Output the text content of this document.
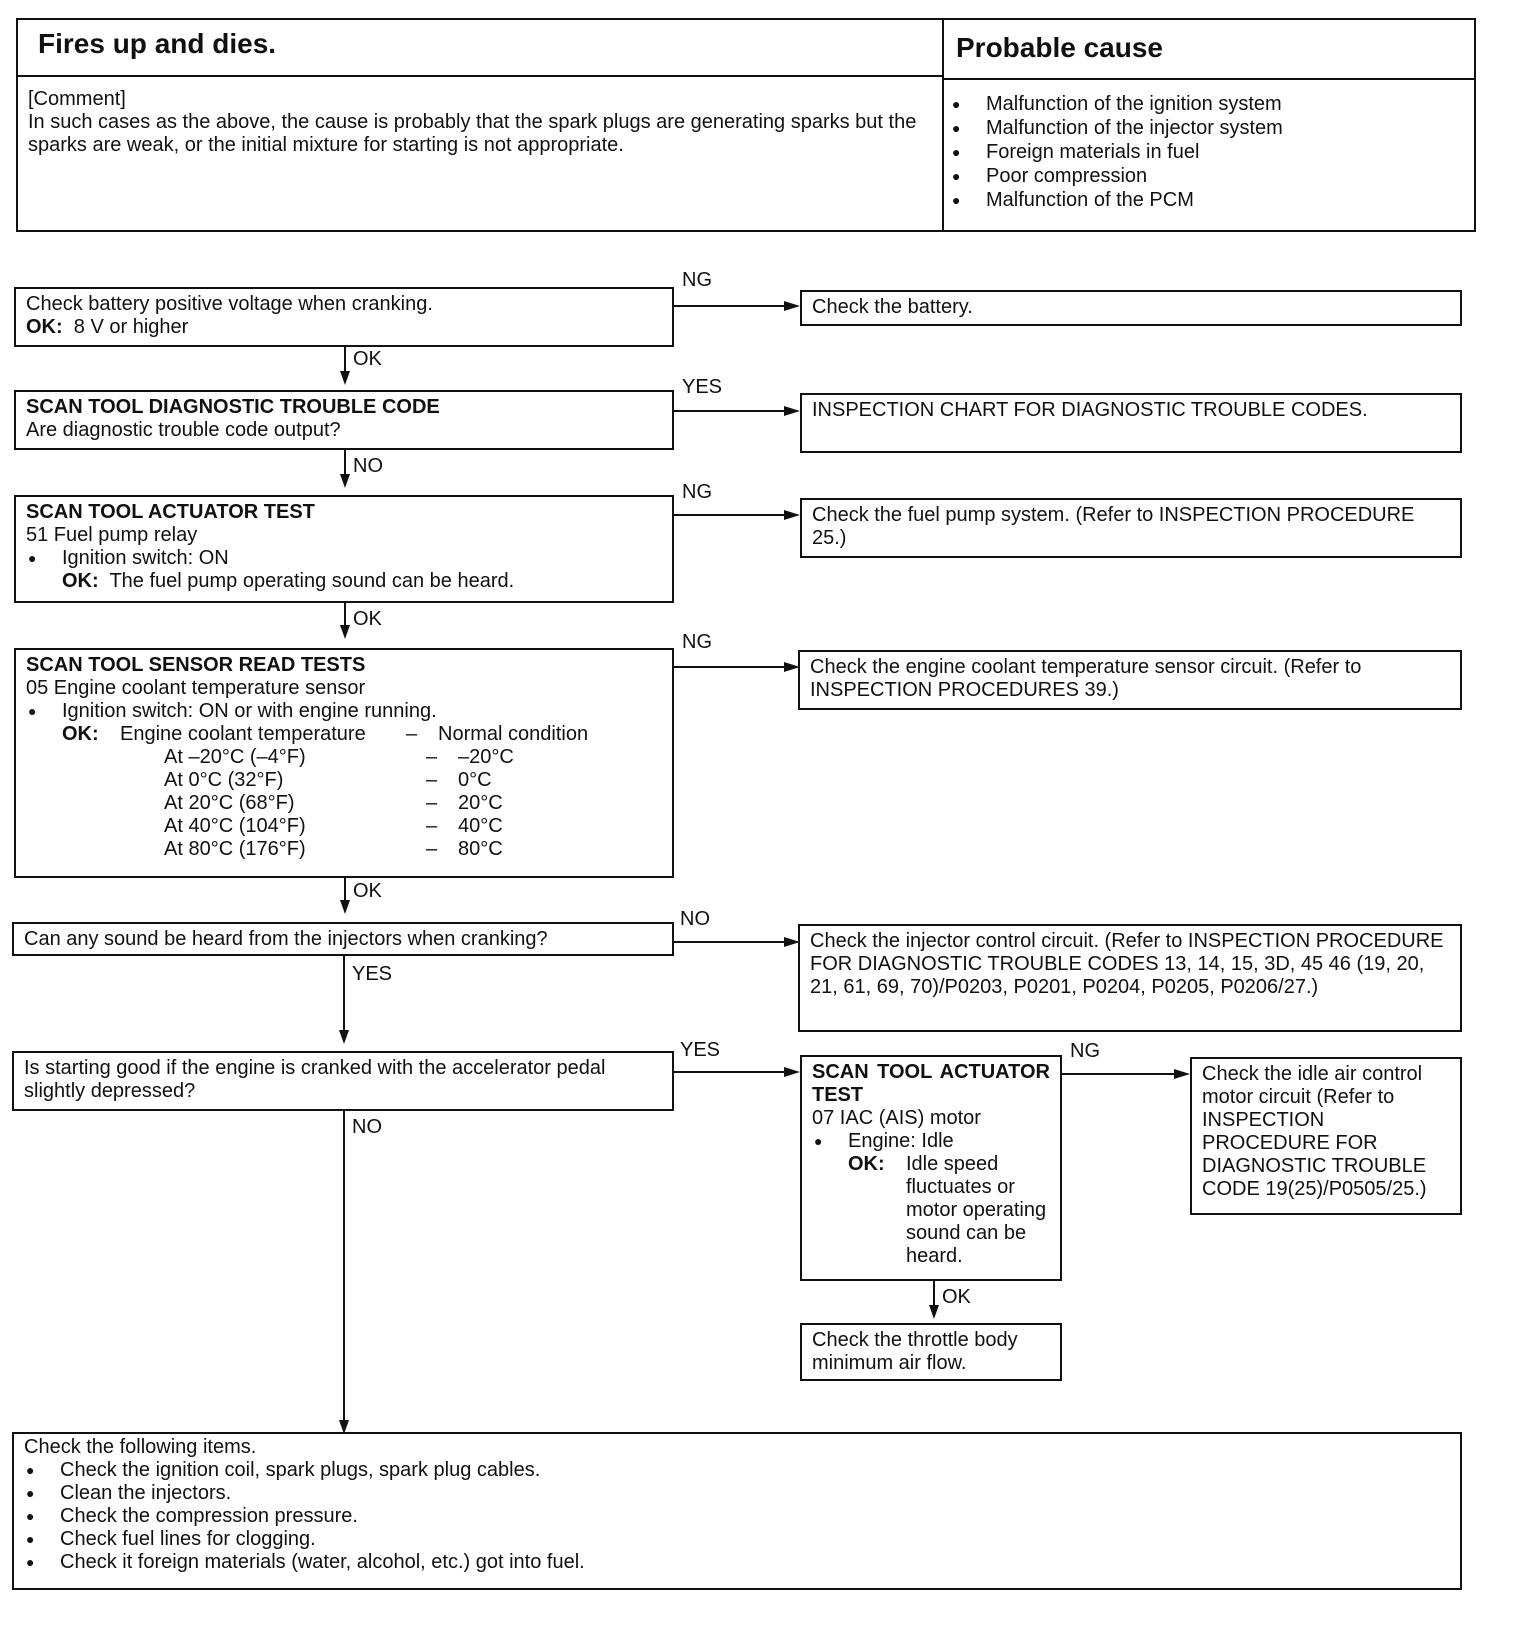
Fires up and dies.	Probable cause
[Comment]
In such cases as the above, the cause is probably that the spark plugs are generating sparks but the sparks are weak, or the initial mixture for starting is not appropriate.
● Malfunction of the ignition system
● Malfunction of the injector system
● Foreign materials in fuel
● Poor compression
● Malfunction of the PCM
Check battery positive voltage when cranking.
OK: 8 V or higher
NG
Check the battery.
OK
SCAN TOOL DIAGNOSTIC TROUBLE CODE
Are diagnostic trouble code output?
YES
INSPECTION CHART FOR DIAGNOSTIC TROUBLE CODES.
NO
SCAN TOOL ACTUATOR TEST
51 Fuel pump relay
● Ignition switch: ON
OK: The fuel pump operating sound can be heard.
NG
Check the fuel pump system. (Refer to INSPECTION PROCEDURE 25.)
OK
SCAN TOOL SENSOR READ TESTS
05 Engine coolant temperature sensor
● Ignition switch: ON or with engine running.
OK:	Engine coolant temperature	–	Normal condition
At –20°C (–4°F)	–	–20°C
At 0°C (32°F)	–	0°C
At 20°C (68°F)	–	20°C
At 40°C (104°F)	–	40°C
At 80°C (176°F)	–	80°C
NG
Check the engine coolant temperature sensor circuit. (Refer to INSPECTION PROCEDURES 39.)
OK
Can any sound be heard from the injectors when cranking?
NO
Check the injector control circuit. (Refer to INSPECTION PROCEDURE FOR DIAGNOSTIC TROUBLE CODES 13, 14, 15, 3D, 45 46 (19, 20, 21, 61, 69, 70)/P0203, P0201, P0204, P0205, P0206/27.)
YES
Is starting good if the engine is cranked with the accelerator pedal slightly depressed?
YES
NO
SCAN TOOL ACTUATOR TEST
07 IAC (AIS) motor
● Engine: Idle
OK:	Idle speed fluctuates or motor operating sound can be heard.
NG
Check the idle air control motor circuit (Refer to INSPECTION PROCEDURE FOR DIAGNOSTIC TROUBLE CODE 19(25)/P0505/25.)
OK
Check the throttle body minimum air flow.
Check the following items.
● Check the ignition coil, spark plugs, spark plug cables.
● Clean the injectors.
● Check the compression pressure.
● Check fuel lines for clogging.
● Check it foreign materials (water, alcohol, etc.) got into fuel.
